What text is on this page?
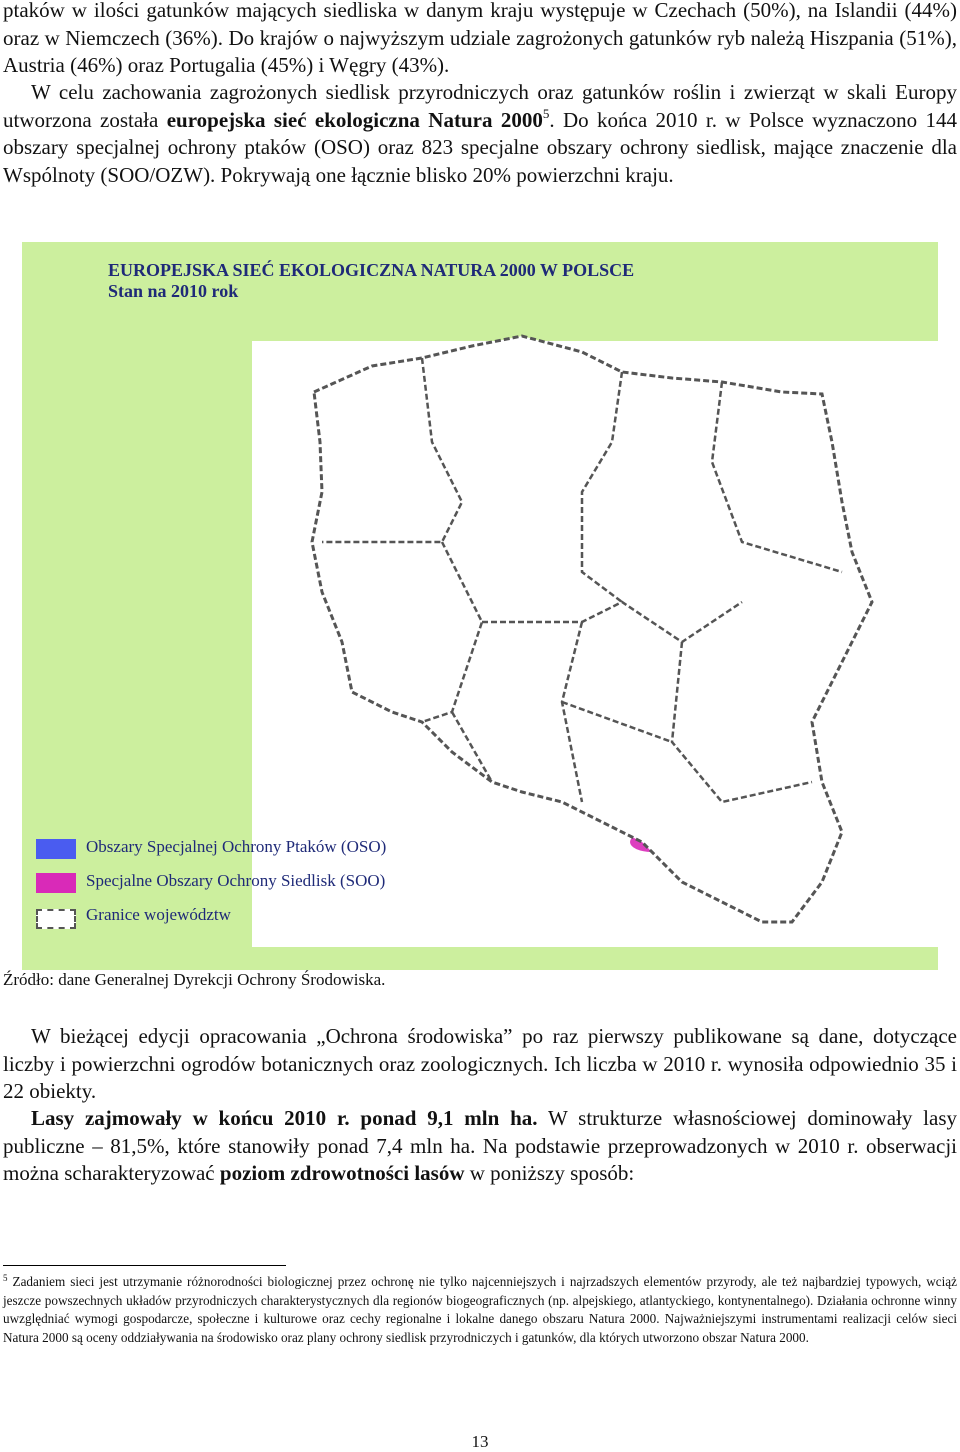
ptaków w ilości gatunków mających siedliska w danym kraju występuje w Czechach (50%), na Islandii (44%) oraz w Niemczech (36%). Do krajów o najwyższym udziale zagrożonych gatunków ryb należą Hiszpania (51%), Austria (46%) oraz Portugalia (45%) i Węgry (43%).

W celu zachowania zagrożonych siedlisk przyrodniczych oraz gatunków roślin i zwierząt w skali Europy utworzona została europejska sieć ekologiczna Natura 2000$^5$. Do końca 2010 r. w Polsce wyznaczono 144 obszary specjalnej ochrony ptaków (OSO) oraz 823 specjalne obszary ochrony siedlisk, mające znaczenie dla Wspólnoty (SOO/OZW). Pokrywają one łącznie blisko 20% powierzchni kraju.

EUROPEJSKA SIEĆ EKOLOGICZNA NATURA 2000 W POLSCE
Stan na 2010 rok
Obszary Specjalnej Ochrony Ptaków (OSO)
Specjalne Obszary Ochrony Siedlisk (SOO)
Granice województw
Źródło: dane Generalnej Dyrekcji Ochrony Środowiska.

W bieżącej edycji opracowania „Ochrona środowiska” po raz pierwszy publikowane są dane, dotyczące liczby i powierzchni ogrodów botanicznych oraz zoologicznych. Ich liczba w 2010 r. wynosiła odpowiednio 35 i 22 obiekty.

Lasy zajmowały w końcu 2010 r. ponad 9,1 mln ha. W strukturze własnościowej dominowały lasy publiczne – 81,5%, które stanowiły ponad 7,4 mln ha. Na podstawie przeprowadzonych w 2010 r. obserwacji można scharakteryzować poziom zdrowotności lasów w poniższy sposób:

$^5$ Zadaniem sieci jest utrzymanie różnorodności biologicznej przez ochronę nie tylko najcenniejszych i najrzadszych elementów przyrody, ale też najbardziej typowych, wciąż jeszcze powszechnych układów przyrodniczych charakterystycznych dla regionów biogeograficznych (np. alpejskiego, atlantyckiego, kontynentalnego). Działania ochronne winny uwzględniać wymogi gospodarcze, społeczne i kulturowe oraz cechy regionalne i lokalne danego obszaru Natura 2000. Najważniejszymi instrumentami realizacji celów sieci Natura 2000 są oceny oddziaływania na środowisko oraz plany ochrony siedlisk przyrodniczych i gatunków, dla których utworzono obszar Natura 2000.
13
